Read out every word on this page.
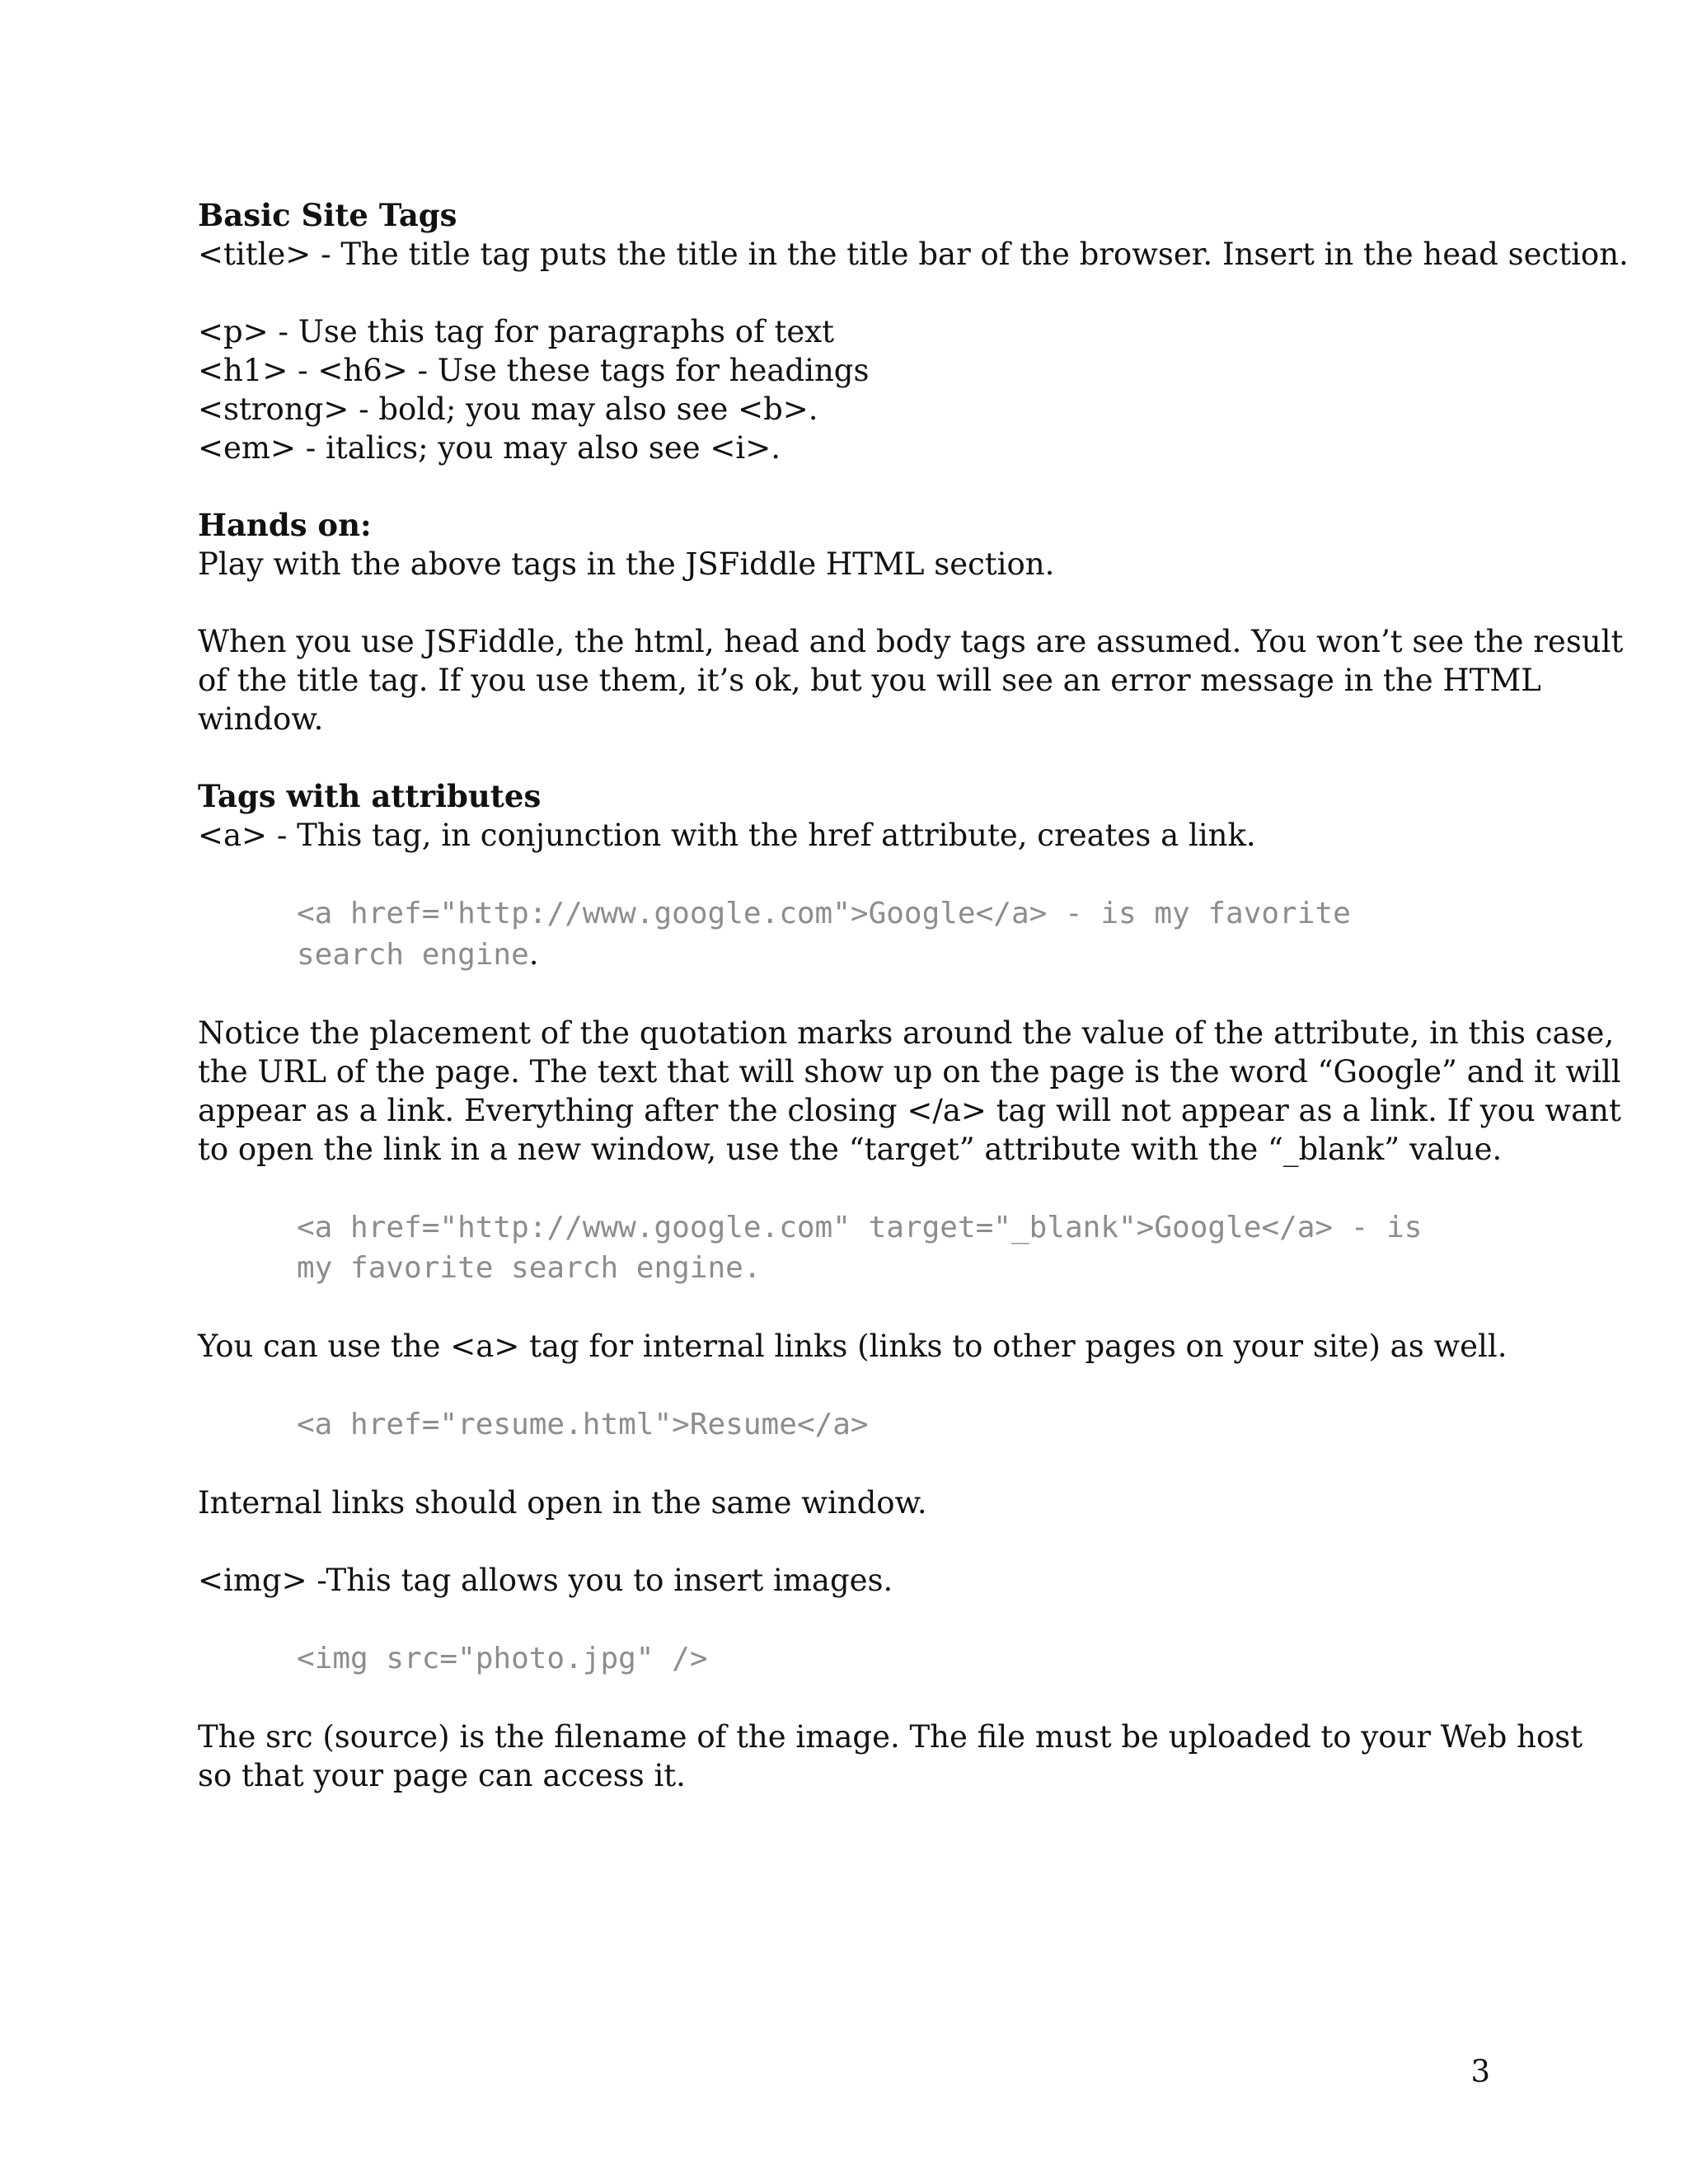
Basic Site Tags

<title> - The title tag puts the title in the title bar of the browser. Insert in the head section.

<p> - Use this tag for paragraphs of text

<h1> - <h6> - Use these tags for headings

<strong> - bold; you may also see <b>.

<em> - italics; you may also see <i>.

Hands on:

Play with the above tags in the JSFiddle HTML section.

When you use JSFiddle, the html, head and body tags are assumed. You won’t see the result

of the title tag. If you use them, it’s ok, but you will see an error message in the HTML

window.

Tags with attributes

<a> - This tag, in conjunction with the href attribute, creates a link.

<a href="http://www.google.com">Google</a> - is my favorite

search engine.

Notice the placement of the quotation marks around the value of the attribute, in this case,

the URL of the page. The text that will show up on the page is the word “Google” and it will

appear as a link. Everything after the closing </a> tag will not appear as a link. If you want

to open the link in a new window, use the “target” attribute with the “_blank” value.

<a href="http://www.google.com" target="_blank">Google</a> - is

my favorite search engine.

You can use the <a> tag for internal links (links to other pages on your site) as well.

<a href="resume.html">Resume</a>

Internal links should open in the same window.

<img> -This tag allows you to insert images.

<img src="photo.jpg" />

The src (source) is the filename of the image. The file must be uploaded to your Web host

so that your page can access it.

3
